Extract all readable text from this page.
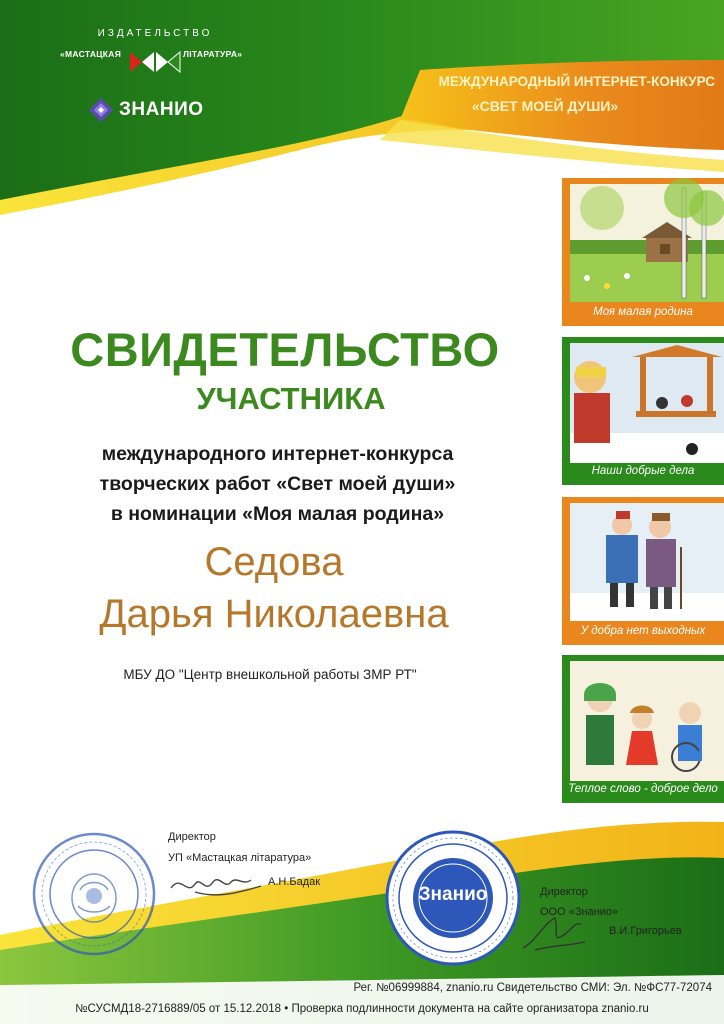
ИЗДАТЕЛЬСТВО
«МАСТАЦКАЯ	ЛІТАРАТУРА»
ЗНАНИО
МЕЖДУНАРОДНЫЙ ИНТЕРНЕТ-КОНКУРС
«СВЕТ МОЕЙ ДУШИ»
СВИДЕТЕЛЬСТВО
УЧАСТНИКА
международного интернет-конкурса
творческих работ «Свет моей души»
в номинации «Моя малая родина»
Седова
Дарья Николаевна
МБУ ДО "Центр внешкольной работы ЗМР РТ"
Моя малая родина
Наши добрые дела
У добра нет выходных
Теплое слово - доброе дело
Директор
УП «Мастацкая літаратура»
А.Н.Бадак
Знанио	Директор
ООО «Знанио»
В.И.Григорьев
Рег. №06999884, znanio.ru Свидетельство СМИ: Эл. №ФС77-72074
№СУСМД18-2716889/05 от 15.12.2018 • Проверка подлинности документа на сайте организатора znanio.ru
